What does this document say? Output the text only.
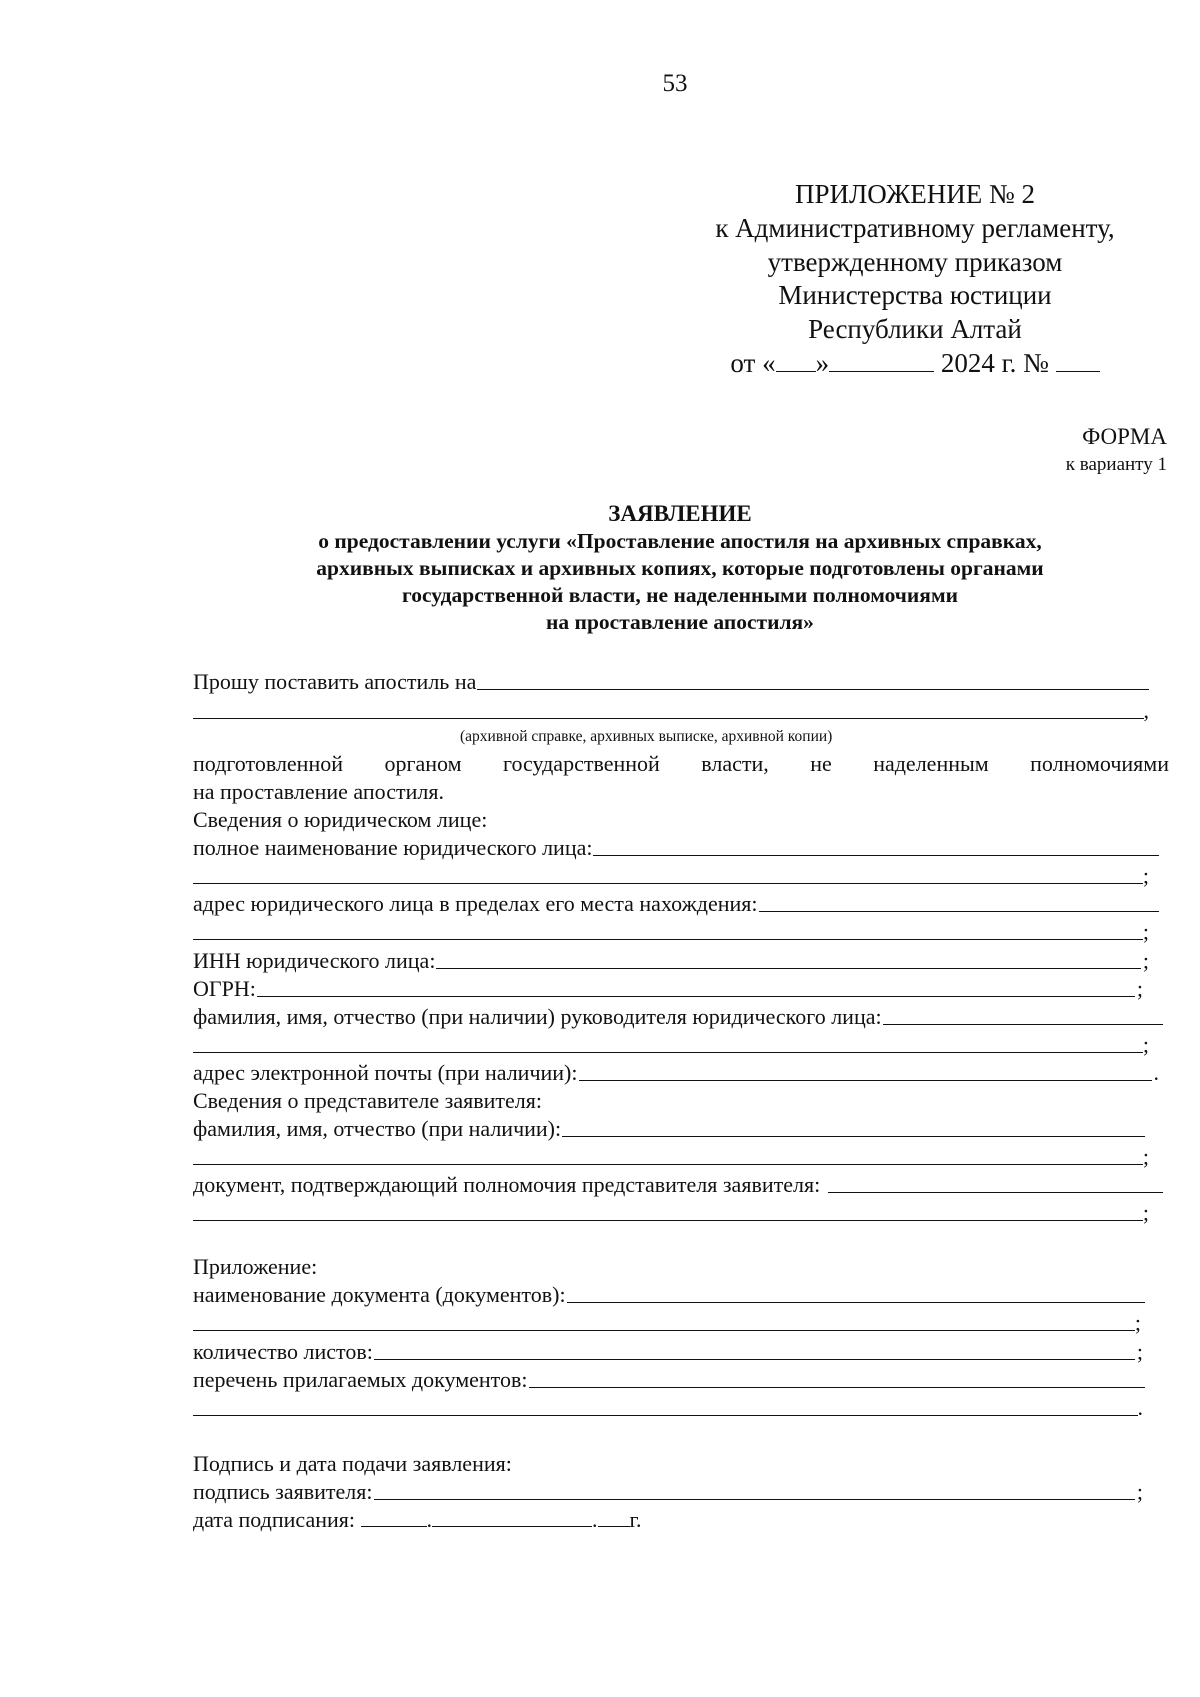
53
ПРИЛОЖЕНИЕ № 2
к Административному регламенту,
утвержденному приказом
Министерства юстиции
Республики Алтай
от « »	2024 г. №
ФОРМА
к варианту 1
ЗАЯВЛЕНИЕ
о предоставлении услуги «Проставление апостиля на архивных справках,
архивных выписках и архивных копиях, которые подготовлены органами
государственной власти, не наделенными полномочиями
на проставление апостиля»
Прошу поставить апостиль на
,
(архивной справке, архивных выписке, архивной копии)
подготовленной органом государственной власти, не наделенным полномочиями
на проставление апостиля.
Сведения о юридическом лице:
полное наименование юридического лица:
;
адрес юридического лица в пределах его места нахождения:
;
ИНН юридического лица:	;
ОГРН:	;
фамилия, имя, отчество (при наличии) руководителя юридического лица:
;
адрес электронной почты (при наличии):	.
Сведения о представителе заявителя:
фамилия, имя, отчество (при наличии):
;
документ, подтверждающий полномочия представителя заявителя:
;
Приложение:
наименование документа (документов):
;
количество листов:	;
перечень прилагаемых документов:
.
Подпись и дата подачи заявления:
подпись заявителя:	;
дата подписания:	.	. г.
